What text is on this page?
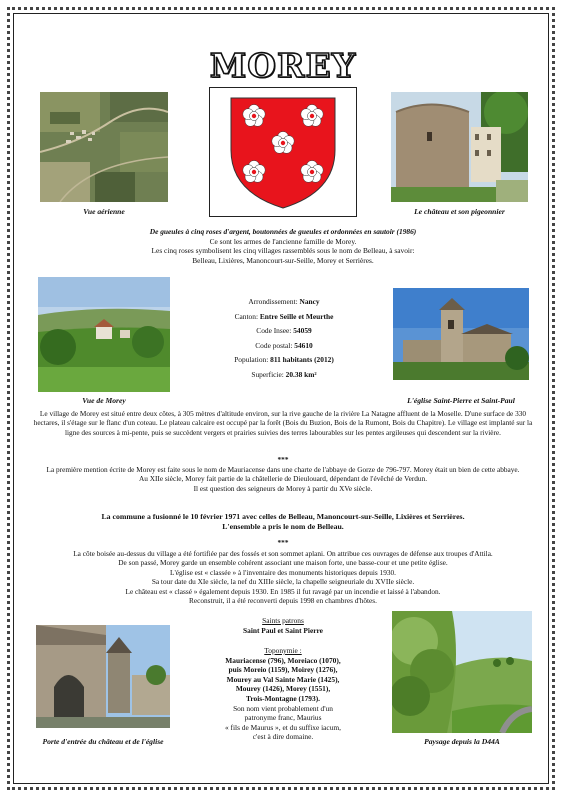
MOREY
Vue aérienne	Le château et son pigeonnier
De gueules à cinq roses d'argent, boutonnées de gueules et ordonnées en sautoir (1986)
Ce sont les armes de l'ancienne famille de Morey.
Les cinq roses symbolisent les cinq villages rassemblés sous le nom de Belleau, à savoir:
Belleau, Lixières, Manoncourt-sur-Seille, Morey et Serrières.
Vue de Morey
Arrondissement: Nancy
Canton: Entre Seille et Meurthe
Code Insee: 54059
Code postal: 54610
Population: 811 habitants (2012)
Superficie: 20.38 km²
L'église Saint-Pierre et Saint-Paul
Le village de Morey est situé entre deux côtes, à 305 mètres d'altitude environ, sur la rive gauche de la rivière La Natagne affluent de la Moselle. D'une surface de 330 hectares, il s'étage sur le flanc d'un coteau. Le plateau calcaire est occupé par la forêt (Bois du Buzion, Bois de la Rumont, Bois du Chapitre). Le village est implanté sur la ligne des sources à mi-pente, puis se succèdent vergers et prairies suivies des terres labourables sur les pentes argileuses qui descendent sur la rivière.
***
La première mention écrite de Morey est faite sous le nom de Mauriacense dans une charte de l'abbaye de Gorze de 796-797. Morey était un bien de cette abbaye.
Au XIIe siècle, Morey fait partie de la châtellerie de Dieulouard, dépendant de l'évêché de Verdun.
Il est question des seigneurs de Morey à partir du XVe siècle.
La commune a fusionné le 10 février 1971 avec celles de Belleau, Manoncourt-sur-Seille, Lixières et Serrières.
L'ensemble a pris le nom de Belleau.
***
La côte boisée au-dessus du village a été fortifiée par des fossés et son sommet aplani. On attribue ces ouvrages de défense aux troupes d'Attila.
De son passé, Morey garde un ensemble cohérent associant une maison forte, une basse-cour et une petite église.
L'église est « classée » à l'inventaire des monuments historiques depuis 1930.
Sa tour date du XIe siècle, la nef du XIIIe siècle, la chapelle seigneuriale du XVIIe siècle.
Le château est « classé » également depuis 1930. En 1985 il fut ravagé par un incendie et laissé à l'abandon.
Reconstruit, il a été reconverti depuis 1998 en chambres d'hôtes.
Porte d'entrée du château et de l'église
Saints patrons
Saint Paul et Saint Pierre
Toponymie :
Mauriacense (796), Moreiaco (1070),
puis Moreio (1159), Moirey (1276),
Mourey au Val Sainte Marie (1425),
Mourey (1426), Morey (1551),
Trois-Montagne (1793).
Son nom vient probablement d'un
patronyme franc, Maurius
« fils de Maurus », et du suffixe iacum,
c'est à dire domaine.
Paysage depuis la D44A
